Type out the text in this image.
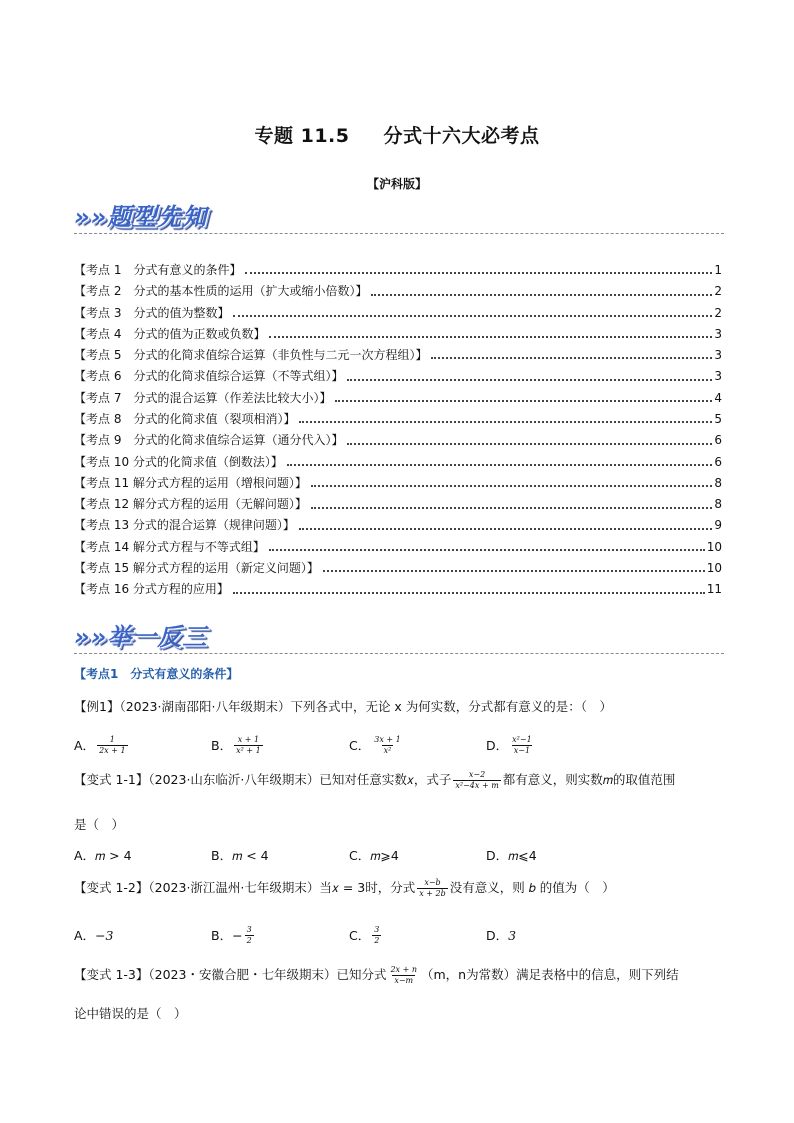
专题 11.5 分式十六大必考点
【沪科版】
»»题型先知
【考点 1　分式有意义的条件】	1
【考点 2　分式的基本性质的运用（扩大或缩小倍数）】	2
【考点 3　分式的值为整数】	2
【考点 4　分式的值为正数或负数】	3
【考点 5　分式的化简求值综合运算（非负性与二元一次方程组）】	3
【考点 6　分式的化简求值综合运算（不等式组）】	3
【考点 7　分式的混合运算（作差法比较大小）】	4
【考点 8　分式的化简求值（裂项相消）】	5
【考点 9　分式的化简求值综合运算（通分代入）】	6
【考点 10 分式的化简求值（倒数法）】	6
【考点 11 解分式方程的运用（增根问题）】	8
【考点 12 解分式方程的运用（无解问题）】	8
【考点 13 分式的混合运算（规律问题）】	9
【考点 14 解分式方程与不等式组】	10
【考点 15 解分式方程的运用（新定义问题）】	10
【考点 16 分式方程的应用】	11
»»举一反三
【考点1　分式有意义的条件】
【例1】（2023·湖南邵阳·八年级期末）下列各式中，无论 x 为何实数，分式都有意义的是：（　）
A． $\frac{1}{2x + 1}$	B． $\frac{x + 1}{\text{x² + 1}}$	C． $\frac{3x + 1}{\text{x²}}$	D． $\frac{\text{x²−1}}{x-1}$
【变式 1-1】（2023·山东临沂·八年级期末）已知对任意实数𝑥，式子 $\frac{x-2}{\text{x²−4x + m}}$ 都有意义，则实数𝑚的取值范围
是（　）
A．𝑚 > 4	B．𝑚 < 4	C．𝑚⩾4	D．𝑚⩽4
【变式 1-2】（2023·浙江温州·七年级期末）当𝑥 = 3时，分式 $\frac{x-b}{x + 2b}$ 没有意义，则 𝑏 的值为（　）
A． −3	B． − $\frac{3}{2}$	C． $\frac{3}{2}$	D． 3
【变式 1-3】（2023・安徽合肥・七年级期末）已知分式 $\frac{2x + n}{x-m} (m$，n为常数）满足表格中的信息，则下列结
论中错误的是（　）
